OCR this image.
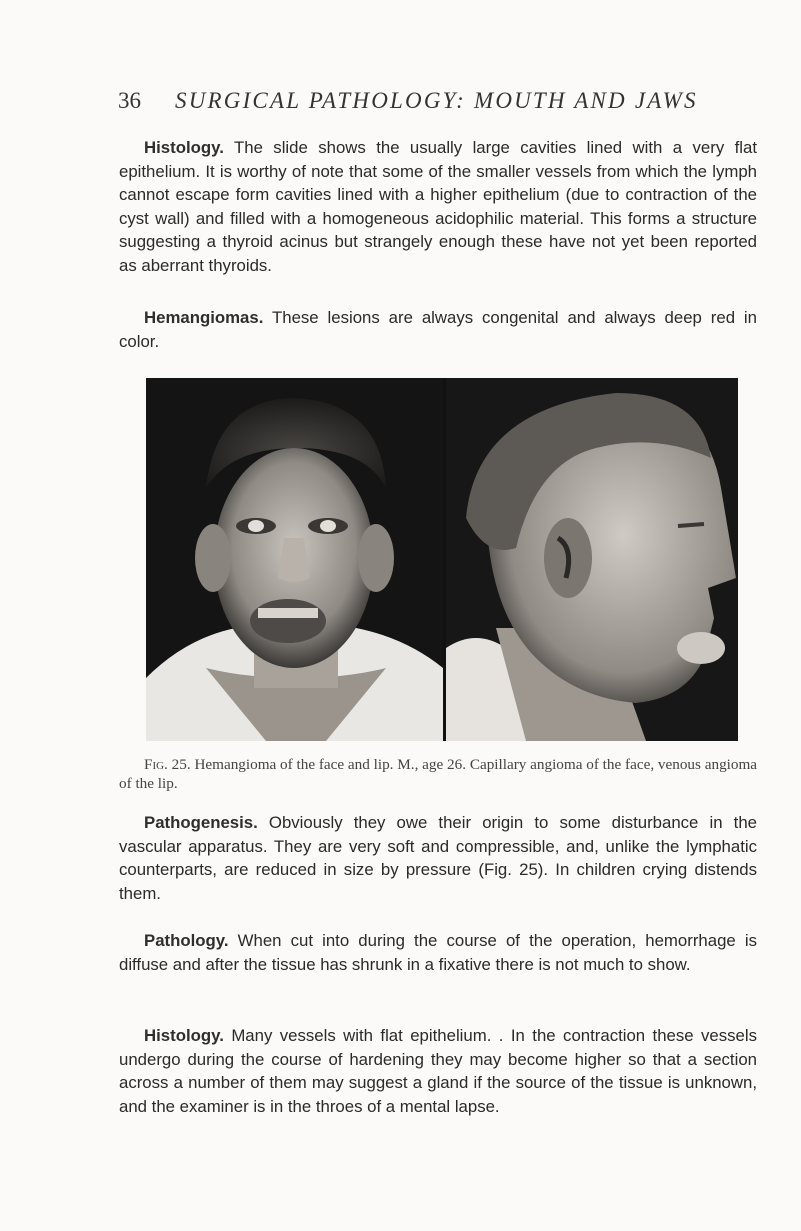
36 SURGICAL PATHOLOGY: MOUTH AND JAWS

Histology. The slide shows the usually large cavities lined with a very flat epithelium. It is worthy of note that some of the smaller vessels from which the lymph cannot escape form cavities lined with a higher epithelium (due to contraction of the cyst wall) and filled with a homogeneous acidophilic material. This forms a structure suggesting a thyroid acinus but strangely enough these have not yet been reported as aberrant thyroids.

Hemangiomas. These lesions are always congenital and always deep red in color.

Fig. 25. Hemangioma of the face and lip. M., age 26. Capillary angioma of the face, venous angioma of the lip.

Pathogenesis. Obviously they owe their origin to some disturbance in the vascular apparatus. They are very soft and compressible, and, unlike the lymphatic counterparts, are reduced in size by pressure (Fig. 25). In children crying distends them.

Pathology. When cut into during the course of the operation, hemorrhage is diffuse and after the tissue has shrunk in a fixative there is not much to show.

Histology. Many vessels with flat epithelium. . In the contraction these vessels undergo during the course of hardening they may become higher so that a section across a number of them may suggest a gland if the source of the tissue is unknown, and the examiner is in the throes of a mental lapse.
